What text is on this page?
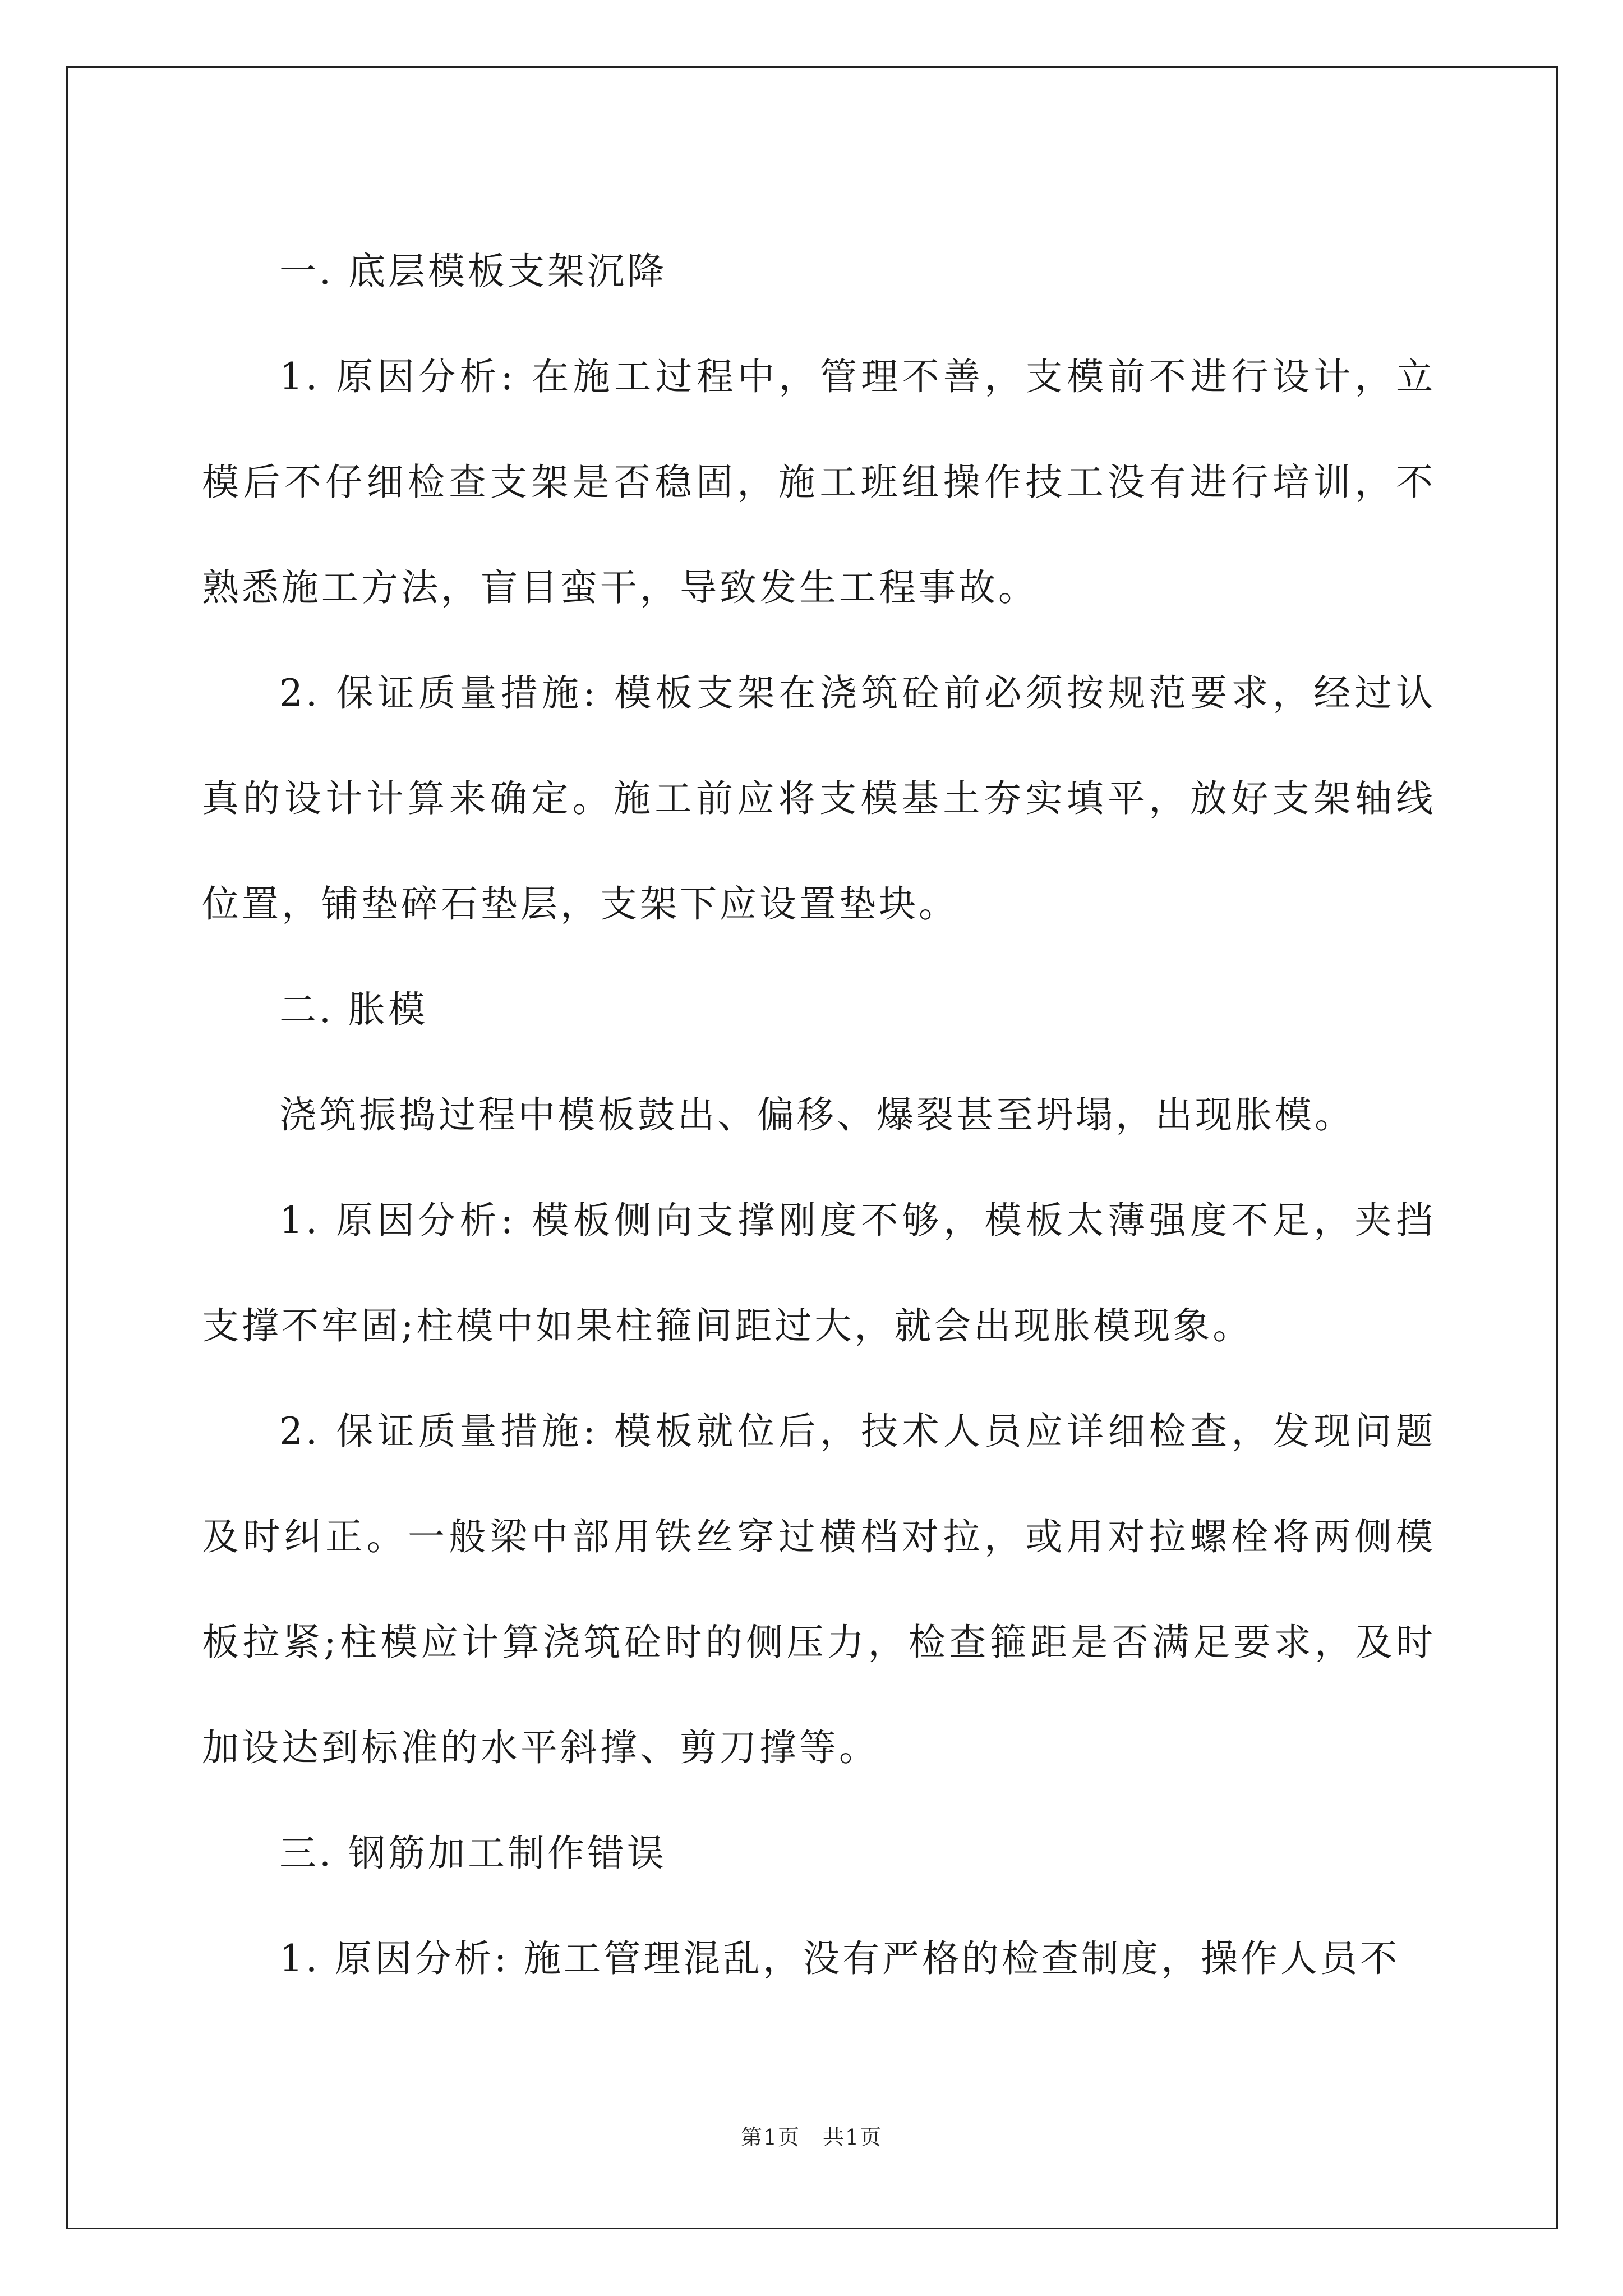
一. 底层模板支架沉降

1. 原因分析: 在施工过程中，管理不善，支模前不进行设计，立模后不仔细检查支架是否稳固，施工班组操作技工没有进行培训，不熟悉施工方法，盲目蛮干，导致发生工程事故。

2. 保证质量措施: 模板支架在浇筑砼前必须按规范要求，经过认真的设计计算来确定。施工前应将支模基土夯实填平，放好支架轴线位置，铺垫碎石垫层，支架下应设置垫块。

二. 胀模

浇筑振捣过程中模板鼓出、偏移、爆裂甚至坍塌，出现胀模。

1. 原因分析: 模板侧向支撑刚度不够，模板太薄强度不足，夹挡支撑不牢固;柱模中如果柱箍间距过大，就会出现胀模现象。

2. 保证质量措施: 模板就位后，技术人员应详细检查，发现问题及时纠正。一般梁中部用铁丝穿过横档对拉，或用对拉螺栓将两侧模板拉紧;柱模应计算浇筑砼时的侧压力，检查箍距是否满足要求，及时加设达到标准的水平斜撑、剪刀撑等。

三. 钢筋加工制作错误

1. 原因分析: 施工管理混乱，没有严格的检查制度，操作人员不

第1页　共1页
